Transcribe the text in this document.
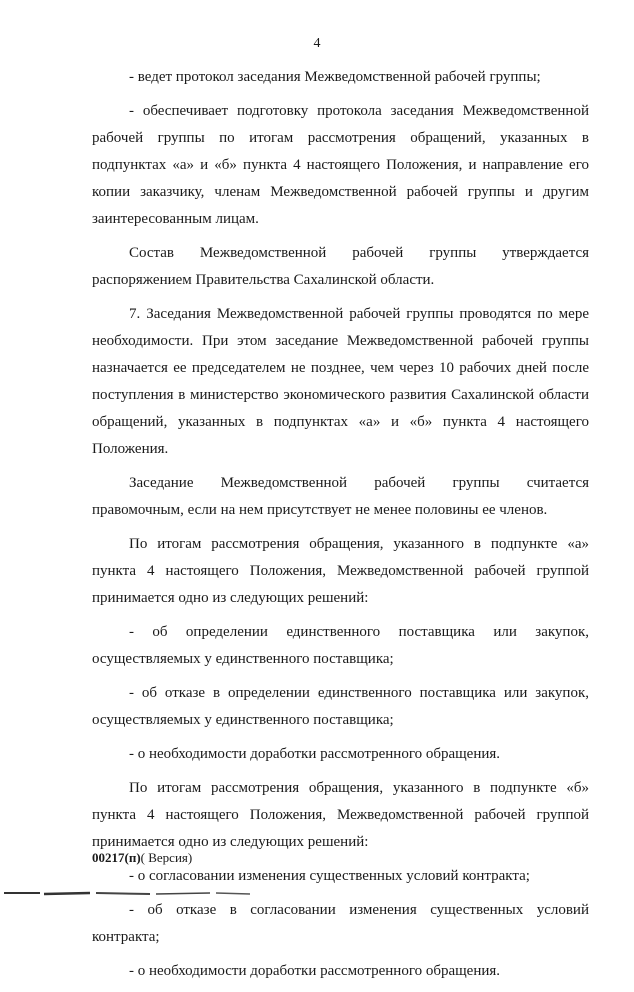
4

- ведет протокол заседания Межведомственной рабочей группы;

- обеспечивает подготовку протокола заседания Межведомственной рабочей группы по итогам рассмотрения обращений, указанных в подпунктах «а» и «б» пункта 4 настоящего Положения, и направление его копии заказчику, членам Межведомственной рабочей группы и другим заинтересованным лицам.

Состав Межведомственной рабочей группы утверждается распоряжением Правительства Сахалинской области.

7. Заседания Межведомственной рабочей группы проводятся по мере необходимости. При этом заседание Межведомственной рабочей группы назначается ее председателем не позднее, чем через 10 рабочих дней после поступления в министерство экономического развития Сахалинской области обращений, указанных в подпунктах «а» и «б» пункта 4 настоящего Положения.

Заседание Межведомственной рабочей группы считается правомочным, если на нем присутствует не менее половины ее членов.

По итогам рассмотрения обращения, указанного в подпункте «а» пункта 4 настоящего Положения, Межведомственной рабочей группой принимается одно из следующих решений:

- об определении единственного поставщика или закупок, осуществляемых у единственного поставщика;

- об отказе в определении единственного поставщика или закупок, осуществляемых у единственного поставщика;

- о необходимости доработки рассмотренного обращения.

По итогам рассмотрения обращения, указанного в подпункте «б» пункта 4 настоящего Положения, Межведомственной рабочей группой принимается одно из следующих решений:

- о согласовании изменения существенных условий контракта;

- об отказе в согласовании изменения существенных условий контракта;

- о необходимости доработки рассмотренного обращения.

00217(п)( Версия)
